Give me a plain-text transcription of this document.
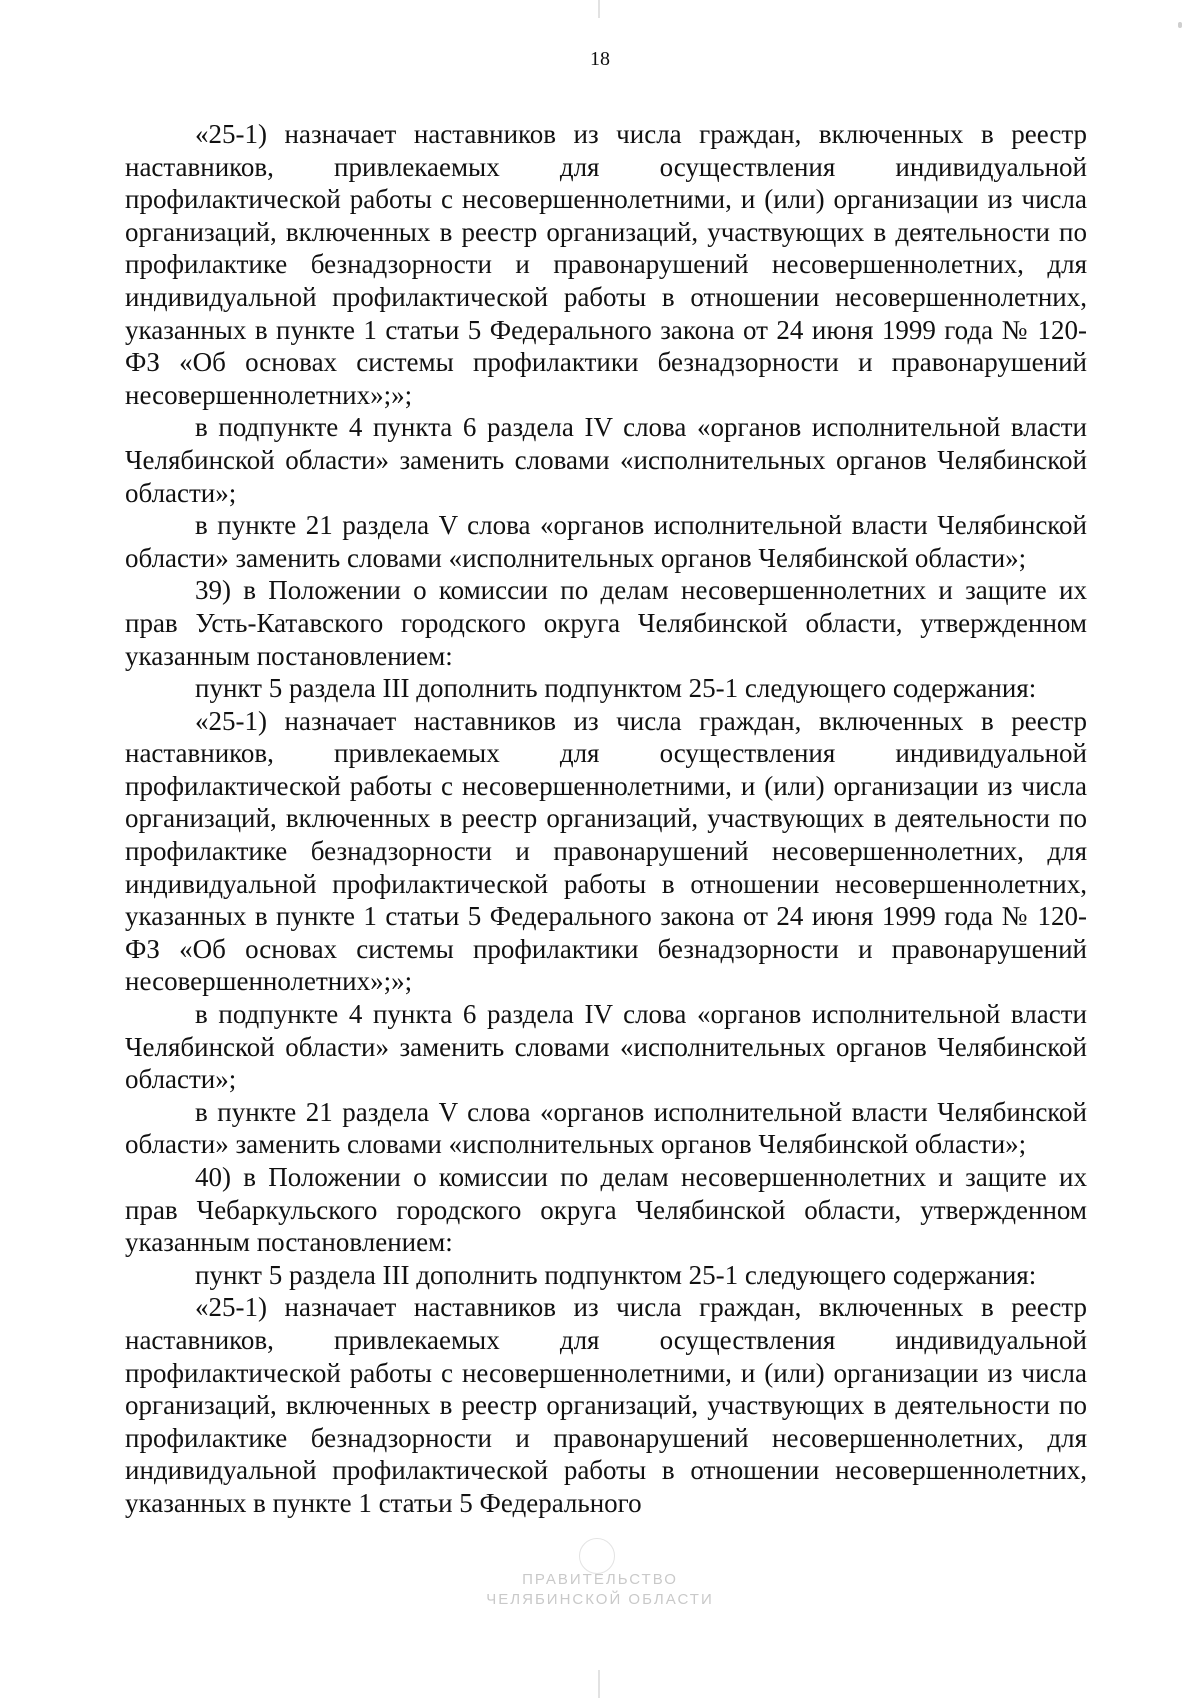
18

«25-1) назначает наставников из числа граждан, включенных в реестр наставников, привлекаемых для осуществления индивидуальной профилактической работы с несовершеннолетними, и (или) организации из числа организаций, включенных в реестр организаций, участвующих в деятельности по профилактике безнадзорности и правонарушений несовершеннолетних, для индивидуальной профилактической работы в отношении несовершеннолетних, указанных в пункте 1 статьи 5 Федерального закона от 24 июня 1999 года № 120-ФЗ «Об основах системы профилактики безнадзорности и правонарушений несовершеннолетних»;»;

в подпункте 4 пункта 6 раздела IV слова «органов исполнительной власти Челябинской области» заменить словами «исполнительных органов Челябинской области»;

в пункте 21 раздела V слова «органов исполнительной власти Челябинской области» заменить словами «исполнительных органов Челябинской области»;

39) в Положении о комиссии по делам несовершеннолетних и защите их прав Усть-Катавского городского округа Челябинской области, утвержденном указанным постановлением:

пункт 5 раздела III дополнить подпунктом 25-1 следующего содержания:

«25-1) назначает наставников из числа граждан, включенных в реестр наставников, привлекаемых для осуществления индивидуальной профилактической работы с несовершеннолетними, и (или) организации из числа организаций, включенных в реестр организаций, участвующих в деятельности по профилактике безнадзорности и правонарушений несовершеннолетних, для индивидуальной профилактической работы в отношении несовершеннолетних, указанных в пункте 1 статьи 5 Федерального закона от 24 июня 1999 года № 120-ФЗ «Об основах системы профилактики безнадзорности и правонарушений несовершеннолетних»;»;

в подпункте 4 пункта 6 раздела IV слова «органов исполнительной власти Челябинской области» заменить словами «исполнительных органов Челябинской области»;

в пункте 21 раздела V слова «органов исполнительной власти Челябинской области» заменить словами «исполнительных органов Челябинской области»;

40) в Положении о комиссии по делам несовершеннолетних и защите их прав Чебаркульского городского округа Челябинской области, утвержденном указанным постановлением:

пункт 5 раздела III дополнить подпунктом 25-1 следующего содержания:

«25-1) назначает наставников из числа граждан, включенных в реестр наставников, привлекаемых для осуществления индивидуальной профилактической работы с несовершеннолетними, и (или) организации из числа организаций, включенных в реестр организаций, участвующих в деятельности по профилактике безнадзорности и правонарушений несовершеннолетних, для индивидуальной профилактической работы в отношении несовершеннолетних, указанных в пункте 1 статьи 5 Федерального

ПРАВИТЕЛЬСТВО
ЧЕЛЯБИНСКОЙ ОБЛАСТИ
